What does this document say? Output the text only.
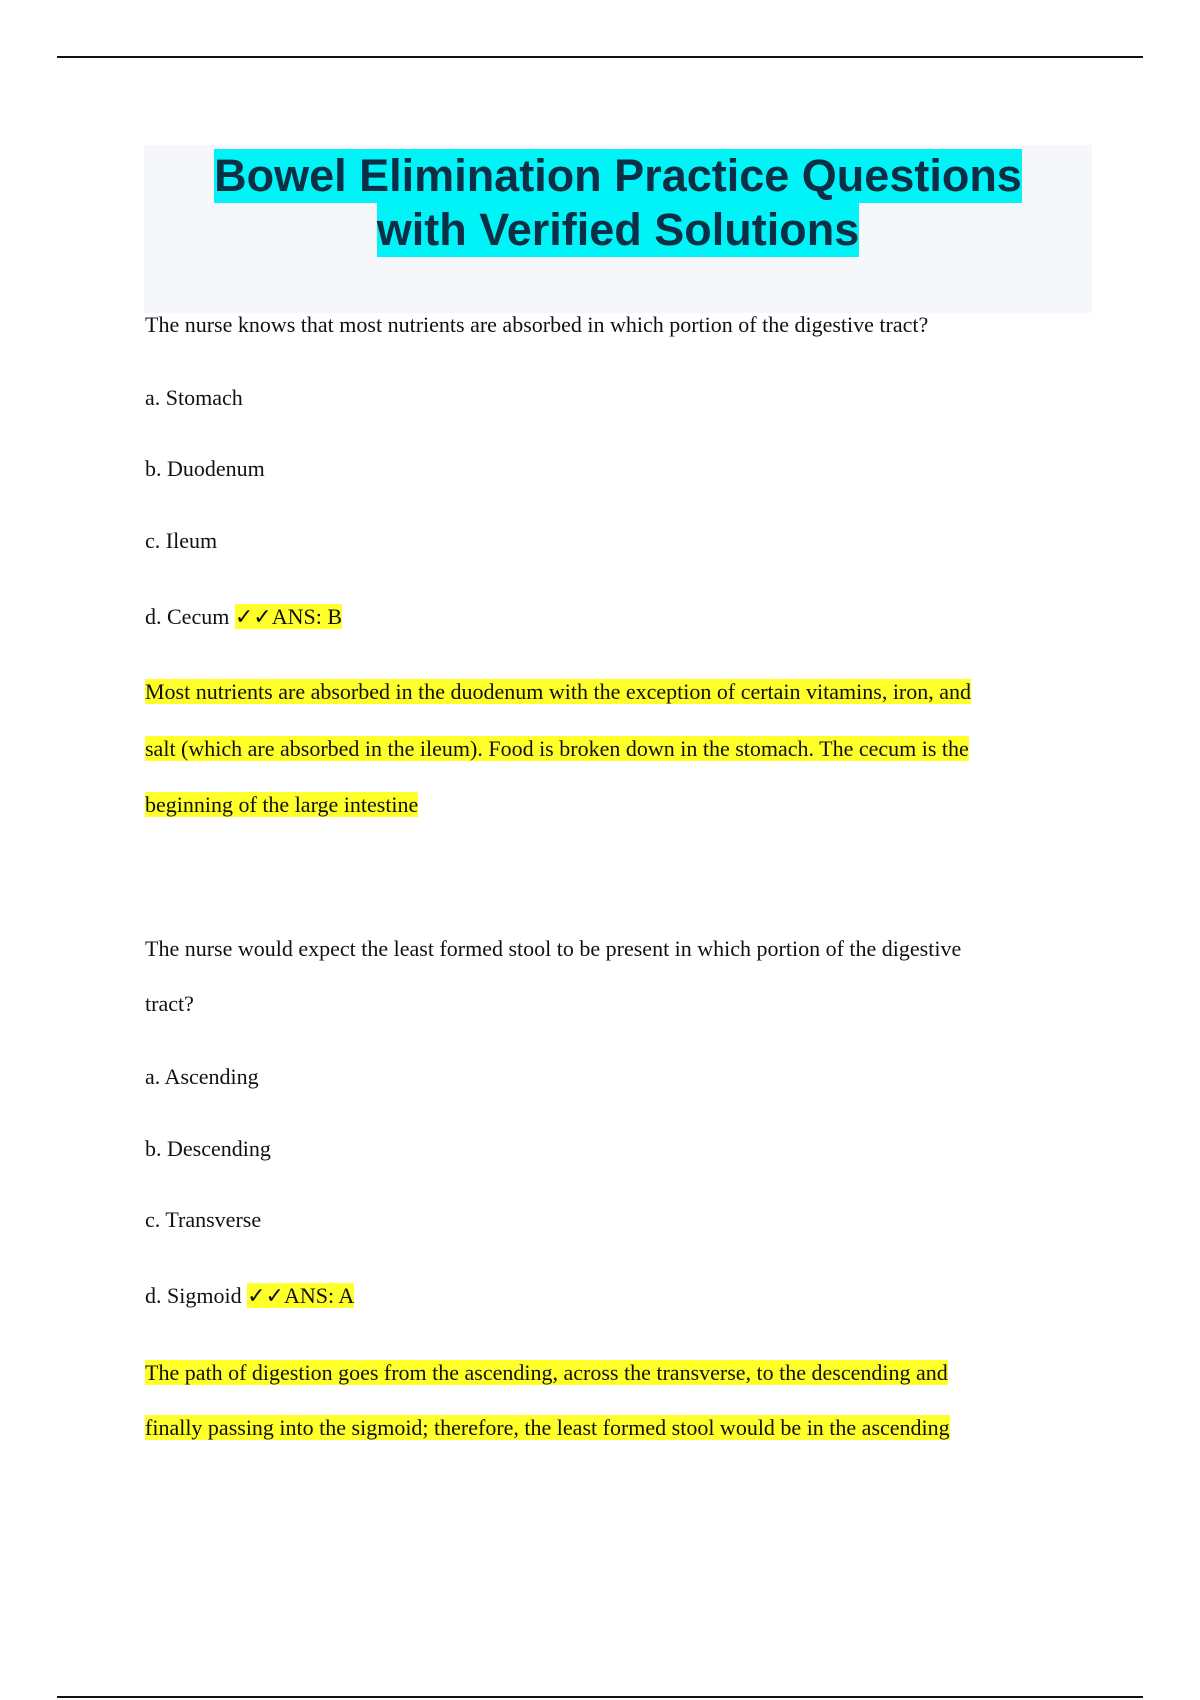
Bowel Elimination Practice Questions
with Verified Solutions
The nurse knows that most nutrients are absorbed in which portion of the digestive tract?
a. Stomach
b. Duodenum
c. Ileum
d. Cecum ✓✓ANS: B
Most nutrients are absorbed in the duodenum with the exception of certain vitamins, iron, and
salt (which are absorbed in the ileum). Food is broken down in the stomach. The cecum is the
beginning of the large intestine
The nurse would expect the least formed stool to be present in which portion of the digestive
tract?
a. Ascending
b. Descending
c. Transverse
d. Sigmoid ✓✓ANS: A
The path of digestion goes from the ascending, across the transverse, to the descending and
finally passing into the sigmoid; therefore, the least formed stool would be in the ascending
